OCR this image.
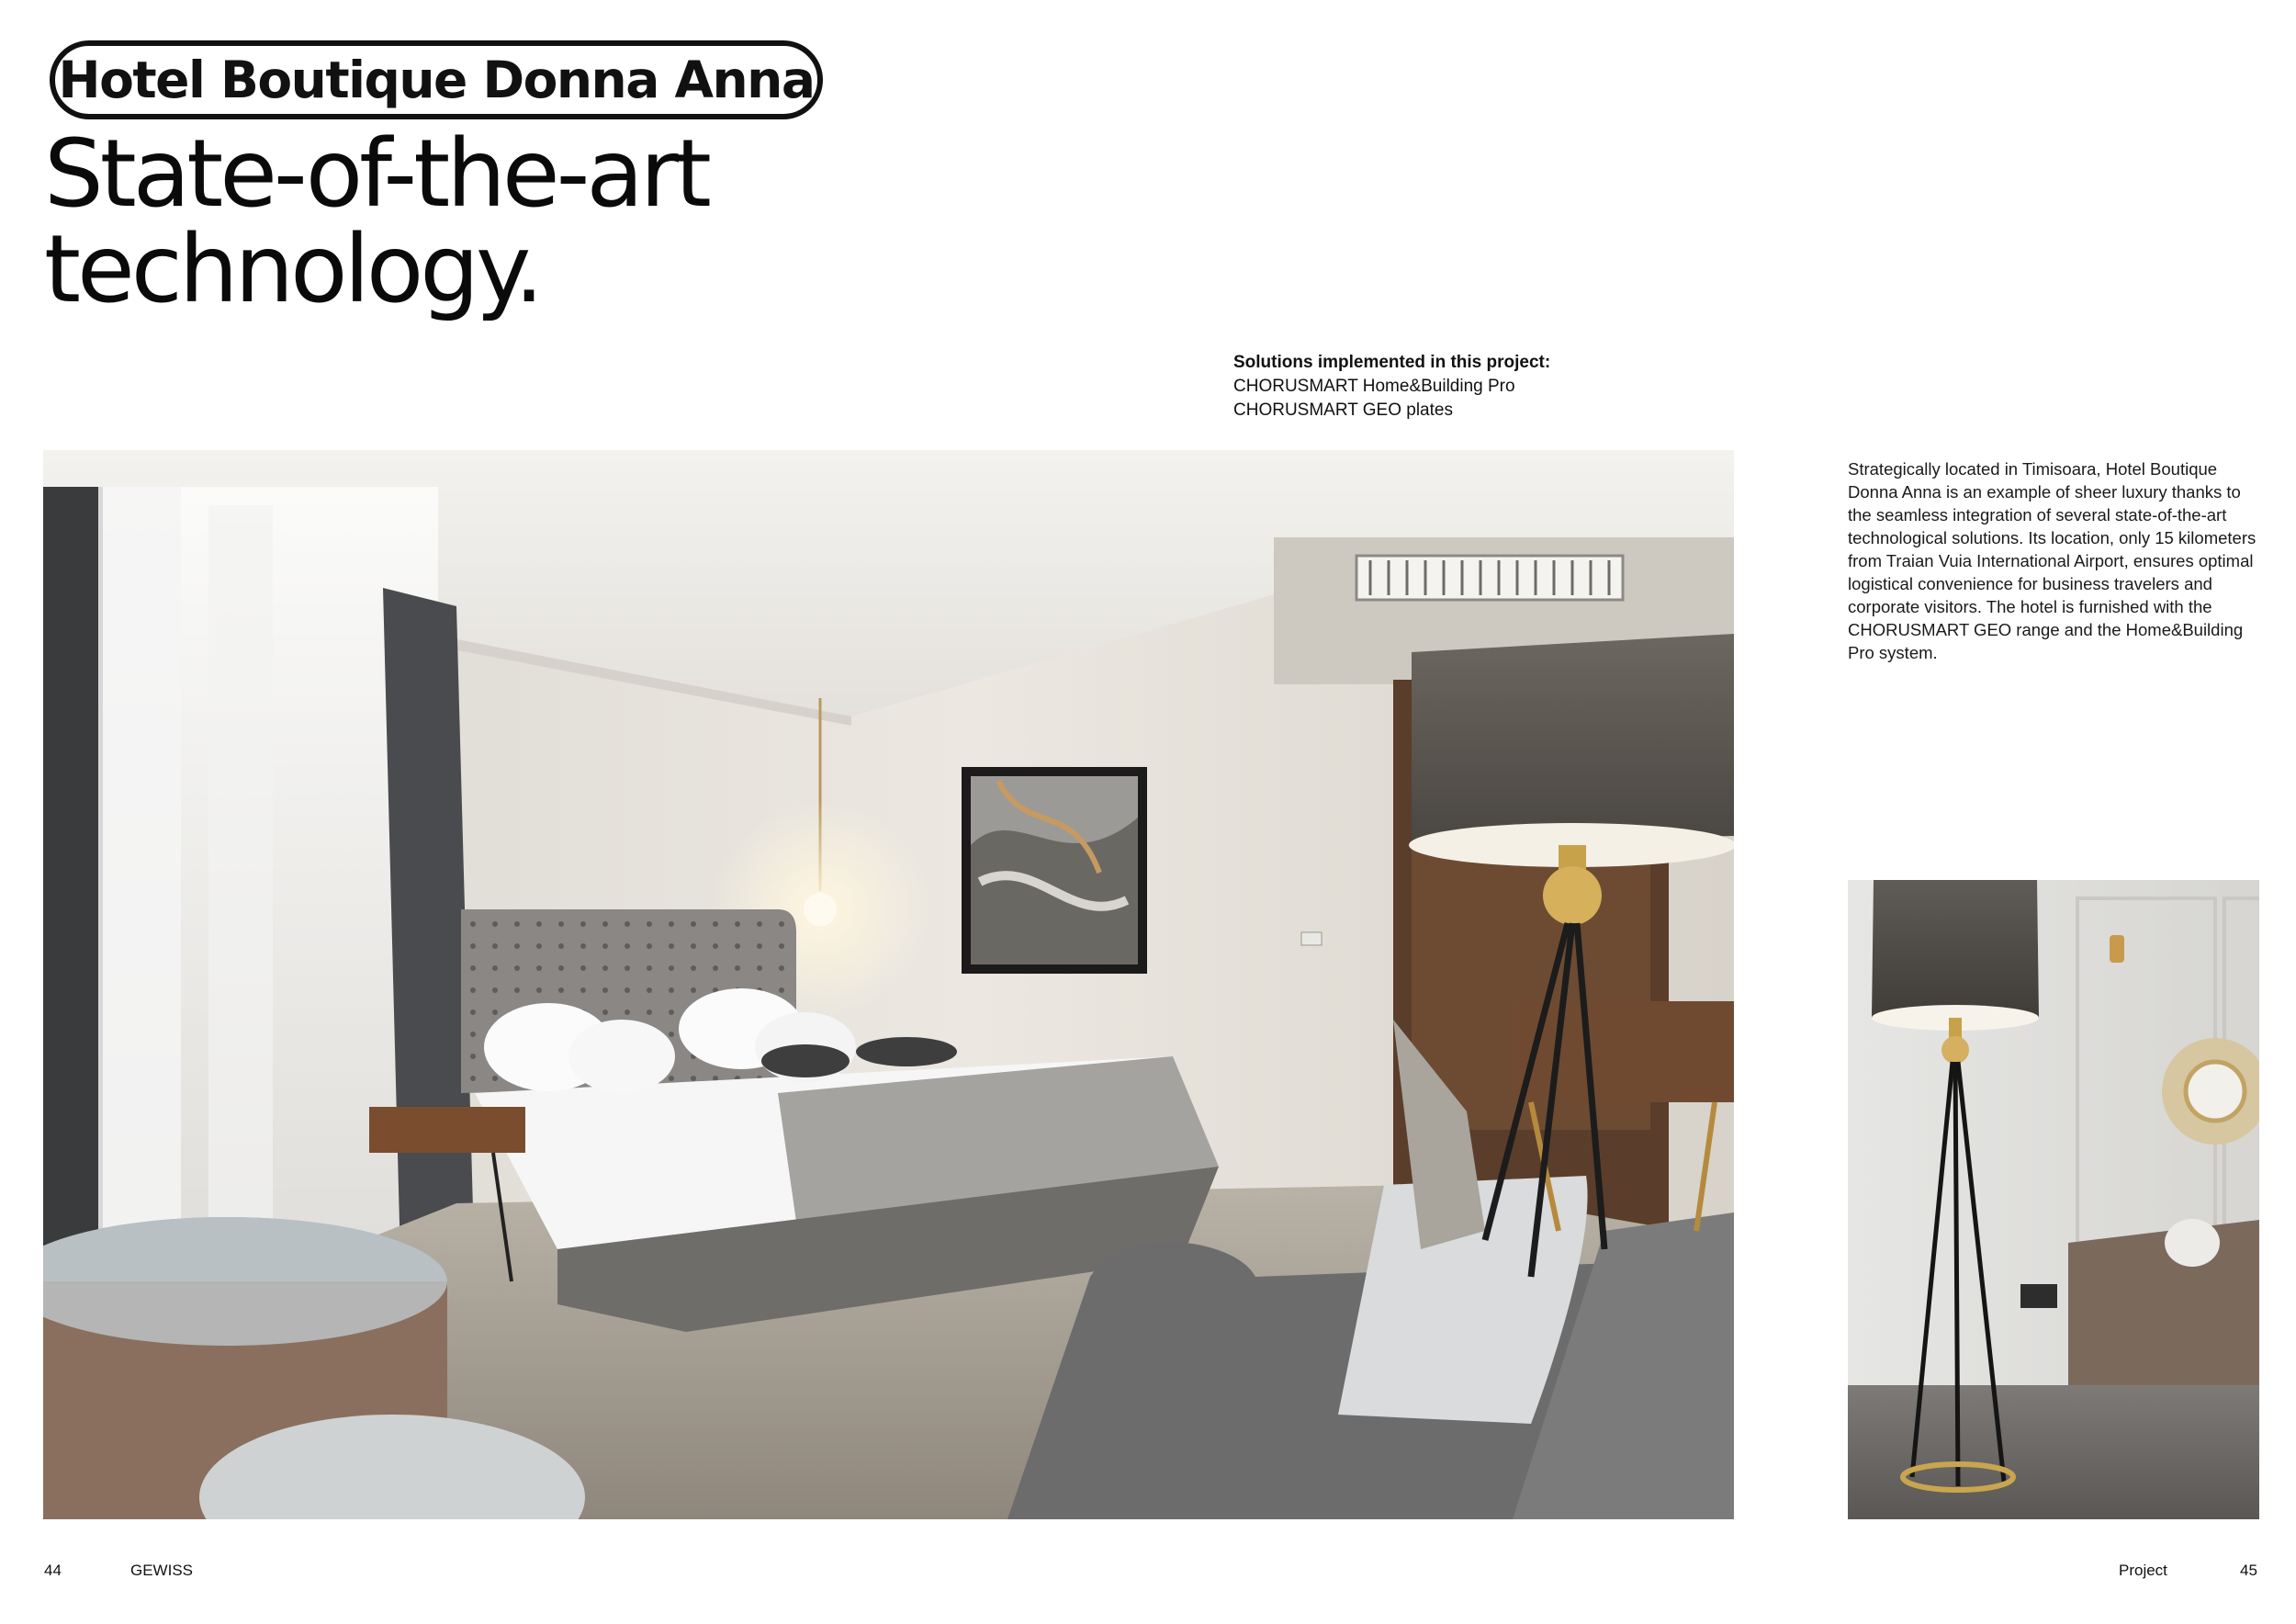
Hotel Boutique Donna Anna
State-of-the-art
technology.
Solutions implemented in this project:
CHORUSMART Home&Building Pro
CHORUSMART GEO plates

Strategically located in Timisoara, Hotel Boutique Donna Anna is an example of sheer luxury thanks to the seamless integration of several state-of-the-art technological solutions. Its location, only 15 kilometers from Traian Vuia International Airport, ensures optimal logistical convenience for business travelers and corporate visitors. The hotel is furnished with the CHORUSMART GEO range and the Home&Building Pro system.

44	GEWISS	Project	45
